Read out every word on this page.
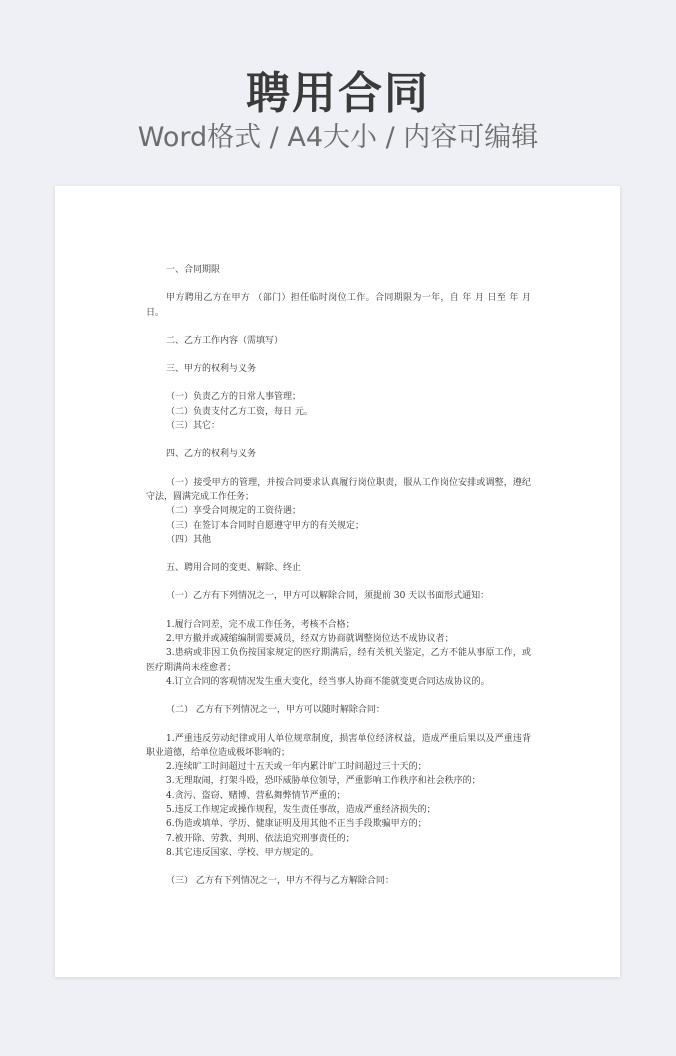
聘用合同

Word格式 / A4大小 / 内容可编辑

一、合同期限

甲方聘用乙方在甲方 （部门）担任临时岗位工作。合同期限为一年，自 年 月 日至 年 月 日。

二、乙方工作内容（需填写）

三、甲方的权利与义务

（一）负责乙方的日常人事管理；

（二）负责支付乙方工资，每日 元。

（三）其它：

四、乙方的权利与义务

（一）接受甲方的管理，并按合同要求认真履行岗位职责，服从工作岗位安排或调整，遵纪守法，圆满完成工作任务；

（二）享受合同规定的工资待遇；

（三）在签订本合同时自愿遵守甲方的有关规定；

（四）其他

五、聘用合同的变更、解除、终止

（一）乙方有下列情况之一，甲方可以解除合同，须提前 30 天以书面形式通知：

1.履行合同差，完不成工作任务，考核不合格；

2.甲方撤并或减缩编制需要减员，经双方协商就调整岗位达不成协议者；

3.患病或非因工负伤按国家规定的医疗期满后，经有关机关鉴定，乙方不能从事原工作，或医疗期满尚未痊愈者；

4.订立合同的客观情况发生重大变化，经当事人协商不能就变更合同达成协议的。

（二） 乙方有下列情况之一，甲方可以随时解除合同：

1.严重违反劳动纪律或用人单位规章制度，损害单位经济权益，造成严重后果以及严重违背职业道德，给单位造成极坏影响的；

2.连续旷工时间超过十五天或一年内累计旷工时间超过三十天的；

3.无理取闹，打架斗殴，恐吓威胁单位领导，严重影响工作秩序和社会秩序的；

4.贪污、盗窃、赌博、营私舞弊情节严重的；

5.违反工作规定或操作规程，发生责任事故，造成严重经济损失的；

6.伪造或填单、学历、健康证明及用其他不正当手段欺骗甲方的；

7.被开除、劳教、判刑、依法追究刑事责任的；

8.其它违反国家、学校、甲方规定的。

（三） 乙方有下列情况之一，甲方不得与乙方解除合同：
